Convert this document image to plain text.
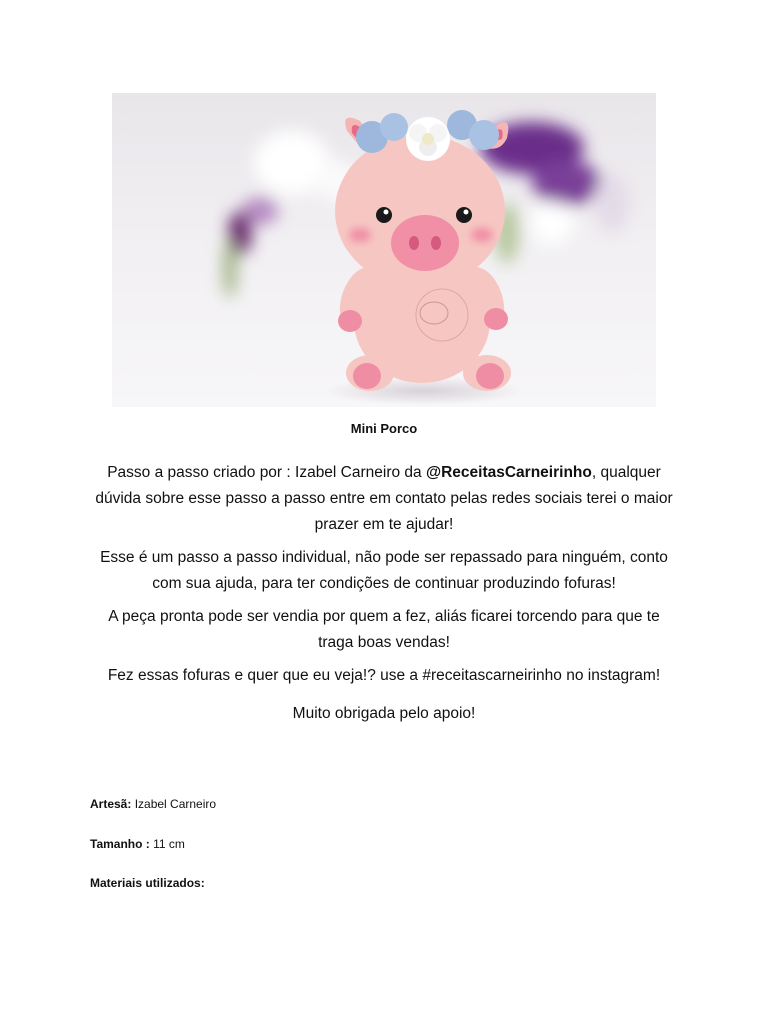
Mini Porco

Passo a passo criado por : Izabel Carneiro da @ReceitasCarneirinho, qualquer dúvida sobre esse passo a passo entre em contato pelas redes sociais terei o maior prazer em te ajudar!

Esse é um passo a passo individual, não pode ser repassado para ninguém, conto com sua ajuda, para ter condições de continuar produzindo fofuras!

A peça pronta pode ser vendia por quem a fez, aliás ficarei torcendo para que te traga boas vendas!

Fez essas fofuras e quer que eu veja!? use a #receitascarneirinho no instagram!

Muito obrigada pelo apoio!

Artesã: Izabel Carneiro
Tamanho : 11 cm
Materiais utilizados:
